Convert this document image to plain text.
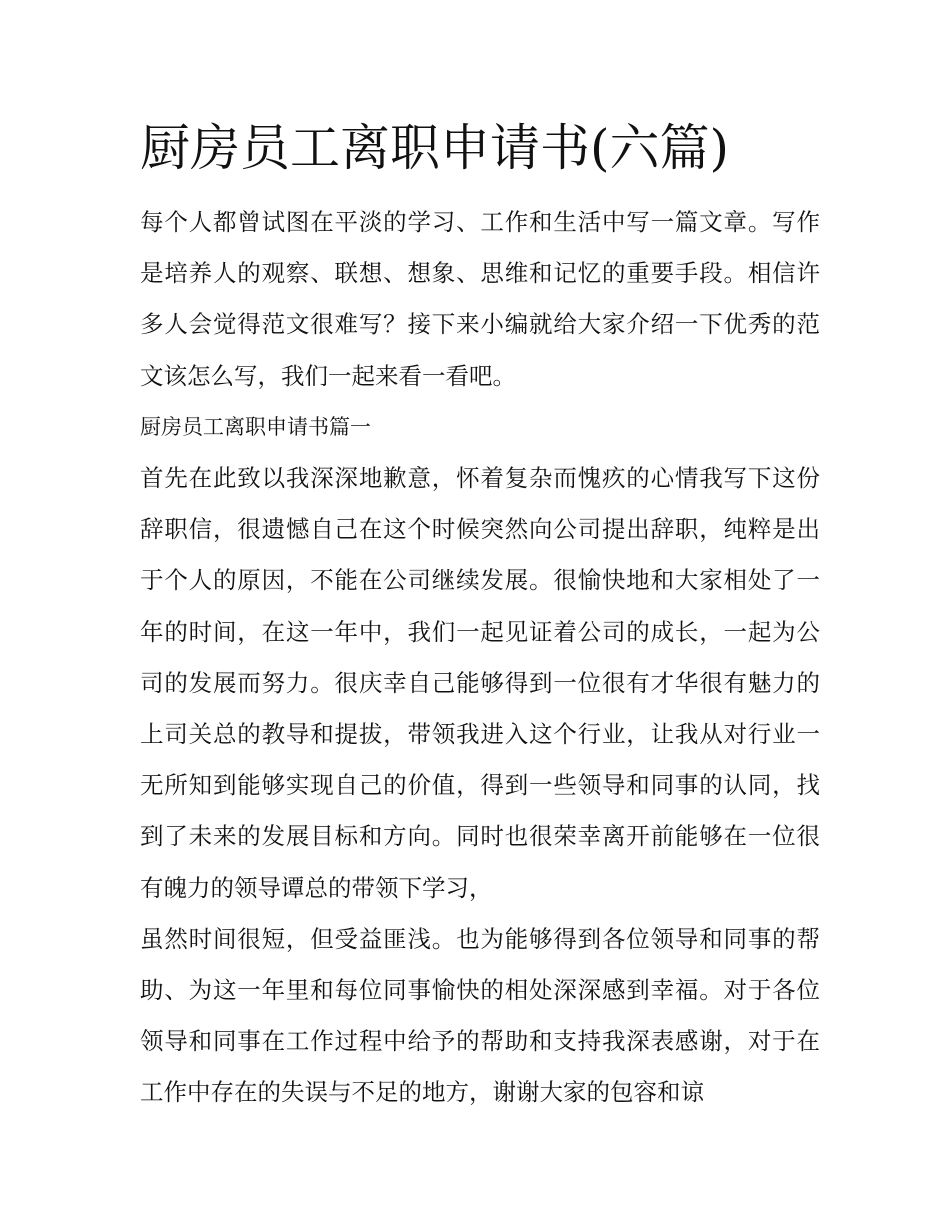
厨房员工离职申请书(六篇)

每个人都曾试图在平淡的学习、工作和生活中写一篇文章。写作是培养人的观察、联想、想象、思维和记忆的重要手段。相信许多人会觉得范文很难写？接下来小编就给大家介绍一下优秀的范文该怎么写，我们一起来看一看吧。

厨房员工离职申请书篇一

首先在此致以我深深地歉意，怀着复杂而愧疚的心情我写下这份辞职信，很遗憾自己在这个时候突然向公司提出辞职，纯粹是出于个人的原因，不能在公司继续发展。很愉快地和大家相处了一年的时间，在这一年中，我们一起见证着公司的成长，一起为公司的发展而努力。很庆幸自己能够得到一位很有才华很有魅力的上司关总的教导和提拔，带领我进入这个行业，让我从对行业一无所知到能够实现自己的价值，得到一些领导和同事的认同，找到了未来的发展目标和方向。同时也很荣幸离开前能够在一位很有魄力的领导谭总的带领下学习，

虽然时间很短，但受益匪浅。也为能够得到各位领导和同事的帮助、为这一年里和每位同事愉快的相处深深感到幸福。对于各位领导和同事在工作过程中给予的帮助和支持我深表感谢，对于在工作中存在的失误与不足的地方，谢谢大家的包容和谅
